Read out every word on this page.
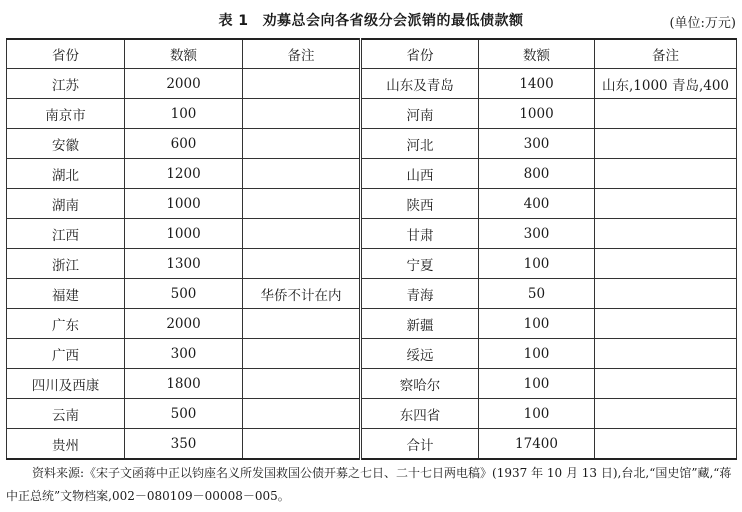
表 1 劝募总会向各省级分会派销的最低债款额	(单位:万元)
省份	数额	备注	省份	数额	备注
江苏	2000		山东及青岛	1400	山东,1000 青岛,400
南京市	100		河南	1000	
安徽	600		河北	300	
湖北	1200		山西	800	
湖南	1000		陕西	400	
江西	1000		甘肃	300	
浙江	1300		宁夏	100	
福建	500	华侨不计在内	青海	50	
广东	2000		新疆	100	
广西	300		绥远	100	
四川及西康	1800		察哈尔	100	
云南	500		东四省	100	
贵州	350		合计	17400	
资料来源:《宋子文函蒋中正以钧座名义所发国救国公债开募之七日、二十七日两电稿》(1937 年 10 月 13 日),台北,“国史馆”藏,“蒋中正总统”文物档案,002－080109－00008－005。
